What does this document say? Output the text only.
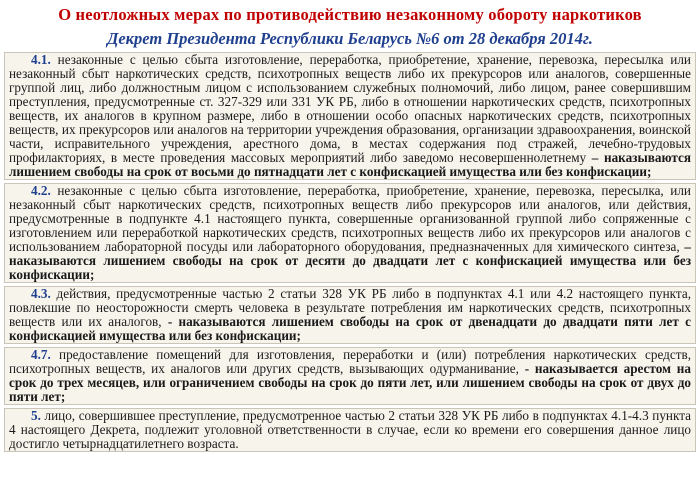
О неотложных мерах по противодействию незаконному обороту наркотиков
Декрет Президента Республики Беларусь №6 от 28 декабря 2014г.
4.1. незаконные с целью сбыта изготовление, переработка, приобретение, хранение, перевозка, пересылка или незаконный сбыт наркотических средств, психотропных веществ либо их прекурсоров или аналогов, совершенные группой лиц, либо должностным лицом с использованием служебных полномочий, либо лицом, ранее совершившим преступления, предусмотренные ст. 327-329 или 331 УК РБ, либо в отношении наркотических средств, психотропных веществ, их аналогов в крупном размере, либо в отношении особо опасных наркотических средств, психотропных веществ, их прекурсоров или аналогов на территории учреждения образования, организации здравоохранения, воинской части, исправительного учреждения, арестного дома, в местах содержания под стражей, лечебно-трудовых профилакториях, в месте проведения массовых мероприятий либо заведомо несовершеннолетнему – наказываются лишением свободы на срок от восьми до пятнадцати лет с конфискацией имущества или без конфискации;
4.2. незаконные с целью сбыта изготовление, переработка, приобретение, хранение, перевозка, пересылка, или незаконный сбыт наркотических средств, психотропных веществ либо прекурсоров или аналогов, или действия, предусмотренные в подпункте 4.1 настоящего пункта, совершенные организованной группой либо сопряженные с изготовлением или переработкой наркотических средств, психотропных веществ либо их прекурсоров или аналогов с использованием лабораторной посуды или лабораторного оборудования, предназначенных для химического синтеза, – наказываются лишением свободы на срок от десяти до двадцати лет с конфискацией имущества или без конфискации;
4.3. действия, предусмотренные частью 2 статьи 328 УК РБ либо в подпунктах 4.1 или 4.2 настоящего пункта, повлекшие по неосторожности смерть человека в результате потребления им наркотических средств, психотропных веществ или их аналогов, - наказываются лишением свободы на срок от двенадцати до двадцати пяти лет с конфискацией имущества или без конфискации;
4.7. предоставление помещений для изготовления, переработки и (или) потребления наркотических средств, психотропных веществ, их аналогов или других средств, вызывающих одурманивание, - наказывается арестом на срок до трех месяцев, или ограничением свободы на срок до пяти лет, или лишением свободы на срок от двух до пяти лет;
5. лицо, совершившее преступление, предусмотренное частью 2 статьи 328 УК РБ либо в подпунктах 4.1-4.3 пункта 4 настоящего Декрета, подлежит уголовной ответственности в случае, если ко времени его совершения данное лицо достигло четырнадцатилетнего возраста.
